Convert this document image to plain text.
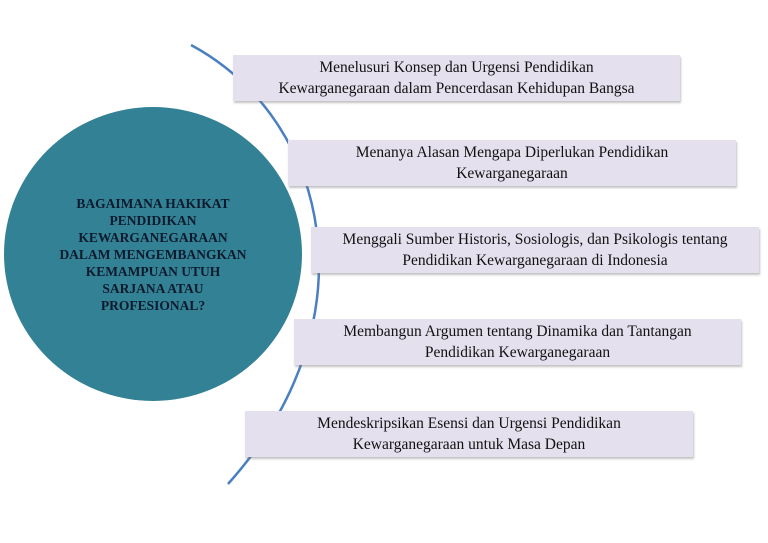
BAGAIMANA HAKIKAT
PENDIDIKAN
KEWARGANEGARAAN
DALAM MENGEMBANGKAN
KEMAMPUAN UTUH
SARJANA ATAU
PROFESIONAL?
Menelusuri Konsep dan Urgensi Pendidikan
Kewarganegaraan dalam Pencerdasan Kehidupan Bangsa
Menanya Alasan Mengapa Diperlukan Pendidikan
Kewarganegaraan
Menggali Sumber Historis, Sosiologis, dan Psikologis tentang
Pendidikan Kewarganegaraan di Indonesia
Membangun Argumen tentang Dinamika dan Tantangan
Pendidikan Kewarganegaraan
Mendeskripsikan Esensi dan Urgensi Pendidikan
Kewarganegaraan untuk Masa Depan
